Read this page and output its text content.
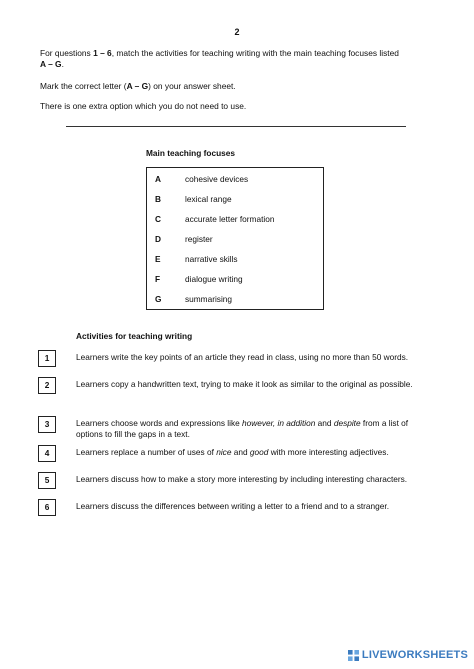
2
For questions 1 – 6, match the activities for teaching writing with the main teaching focuses listed
A – G.
Mark the correct letter (A – G) on your answer sheet.
There is one extra option which you do not need to use.
Main teaching focuses
A	cohesive devices
B	lexical range
C	accurate letter formation
D	register
E	narrative skills
F	dialogue writing
G	summarising
Activities for teaching writing
1	Learners write the key points of an article they read in class, using no more than 50 words.
2	Learners copy a handwritten text, trying to make it look as similar to the original as possible.
3	Learners choose words and expressions like however, in addition and despite from a list of options to fill the gaps in a text.
4	Learners replace a number of uses of nice and good with more interesting adjectives.
5	Learners discuss how to make a story more interesting by including interesting characters.
6	Learners discuss the differences between writing a letter to a friend and to a stranger.
LIVEWORKSHEETS
